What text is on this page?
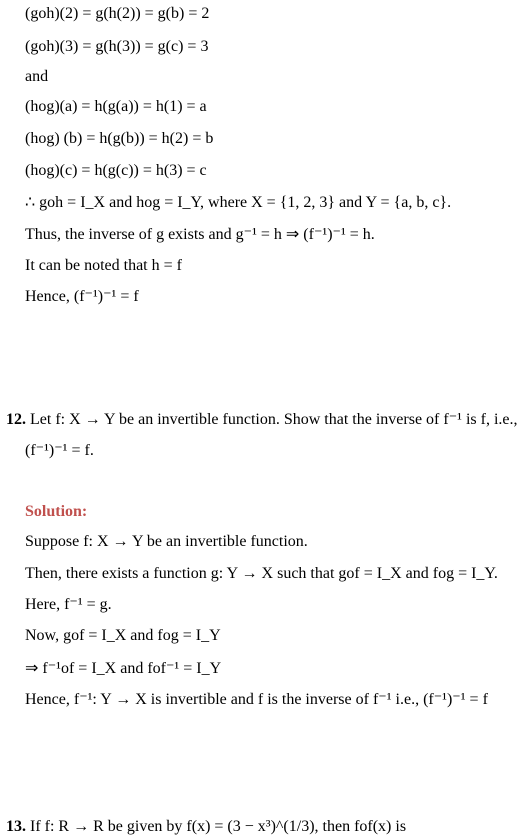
(goh)(2) = g(h(2)) = g(b) = 2
(goh)(3) = g(h(3)) = g(c) = 3
and
(hog)(a) = h(g(a)) = h(1) = a
(hog) (b) = h(g(b)) = h(2) = b
(hog)(c) = h(g(c)) = h(3) = c
∴ goh = I_X and hog = I_Y, where X = {1, 2, 3} and Y = {a, b, c}.
Thus, the inverse of g exists and g⁻¹ = h ⇒ (f⁻¹)⁻¹ = h.
It can be noted that h = f
Hence, (f⁻¹)⁻¹ = f
12. Let f: X → Y be an invertible function. Show that the inverse of f⁻¹ is f, i.e.,
(f⁻¹)⁻¹ = f.
Solution:
Suppose f: X → Y be an invertible function.
Then, there exists a function g: Y → X such that gof = I_X and fog = I_Y.
Here, f⁻¹ = g.
Now, gof = I_X and fog = I_Y
⇒ f⁻¹of = I_X and fof⁻¹ = I_Y
Hence, f⁻¹: Y → X is invertible and f is the inverse of f⁻¹ i.e., (f⁻¹)⁻¹ = f
13. If f: R → R be given by f(x) = (3 − x³)^(1/3), then fof(x) is
